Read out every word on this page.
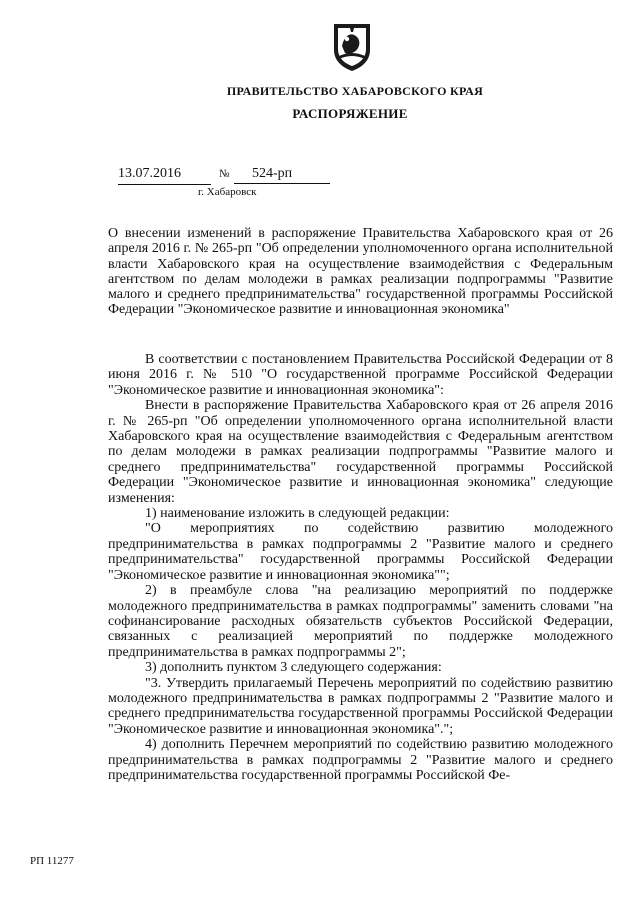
ПРАВИТЕЛЬСТВО ХАБАРОВСКОГО КРАЯ
РАСПОРЯЖЕНИЕ
13.07.2016	№	524-рп
г. Хабаровск
О внесении изменений в распоряжение Правительства Хабаровского края от 26 апреля 2016 г. № 265-рп "Об определении уполномоченного органа исполнительной власти Хабаровского края на осуществление взаимодействия с Федеральным агентством по делам молодежи в рамках реализации подпрограммы "Развитие малого и среднего предпринимательства" государственной программы Российской Федерации "Экономическое развитие и инновационная экономика"

В соответствии с постановлением Правительства Российской Федерации от 8 июня 2016 г. № 510 "О государственной программе Российской Федерации "Экономическое развитие и инновационная экономика":

Внести в распоряжение Правительства Хабаровского края от 26 апреля 2016 г. № 265-рп "Об определении уполномоченного органа исполнительной власти Хабаровского края на осуществление взаимодействия с Федеральным агентством по делам молодежи в рамках реализации подпрограммы "Развитие малого и среднего предпринимательства" государственной программы Российской Федерации "Экономическое развитие и инновационная экономика" следующие изменения:

1) наименование изложить в следующей редакции:

"О мероприятиях по содействию развитию молодежного предпринимательства в рамках подпрограммы 2 "Развитие малого и среднего предпринимательства" государственной программы Российской Федерации "Экономическое развитие и инновационная экономика"";

2) в преамбуле слова "на реализацию мероприятий по поддержке молодежного предпринимательства в рамках подпрограммы" заменить словами "на софинансирование расходных обязательств субъектов Российской Федерации, связанных с реализацией мероприятий по поддержке молодежного предпринимательства в рамках подпрограммы 2";

3) дополнить пунктом 3 следующего содержания:

"3. Утвердить прилагаемый Перечень мероприятий по содействию развитию молодежного предпринимательства в рамках подпрограммы 2 "Развитие малого и среднего предпринимательства государственной программы Российской Федерации "Экономическое развитие и инновационная экономика".";

4) дополнить Перечнем мероприятий по содействию развитию молодежного предпринимательства в рамках подпрограммы 2 "Развитие малого и среднего предпринимательства государственной программы Российской Фе-

РП 11277
